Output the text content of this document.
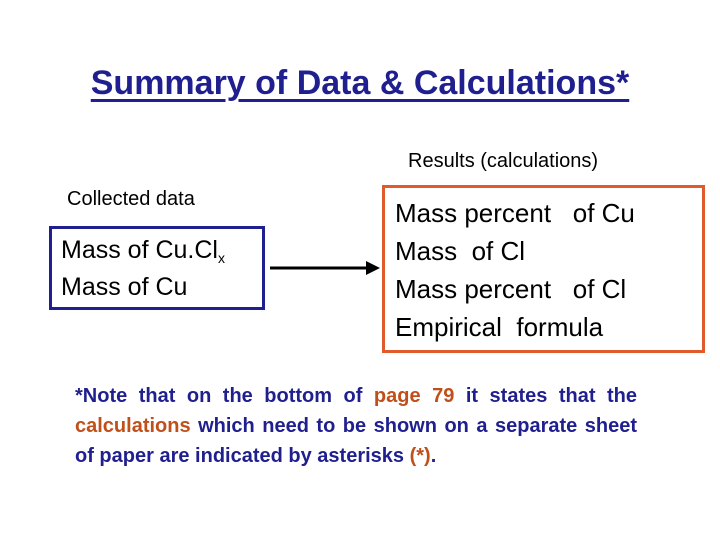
Summary of Data & Calculations*
Results (calculations)
Collected data
Mass of $Cu.Cl_x$
Mass of Cu
Mass percent   of Cu
Mass  of Cl
Mass percent   of Cl
Empirical  formula
*Note that on the bottom of page 79 it states that the calculations which need to be shown on a separate sheet of paper are indicated by asterisks (*).
